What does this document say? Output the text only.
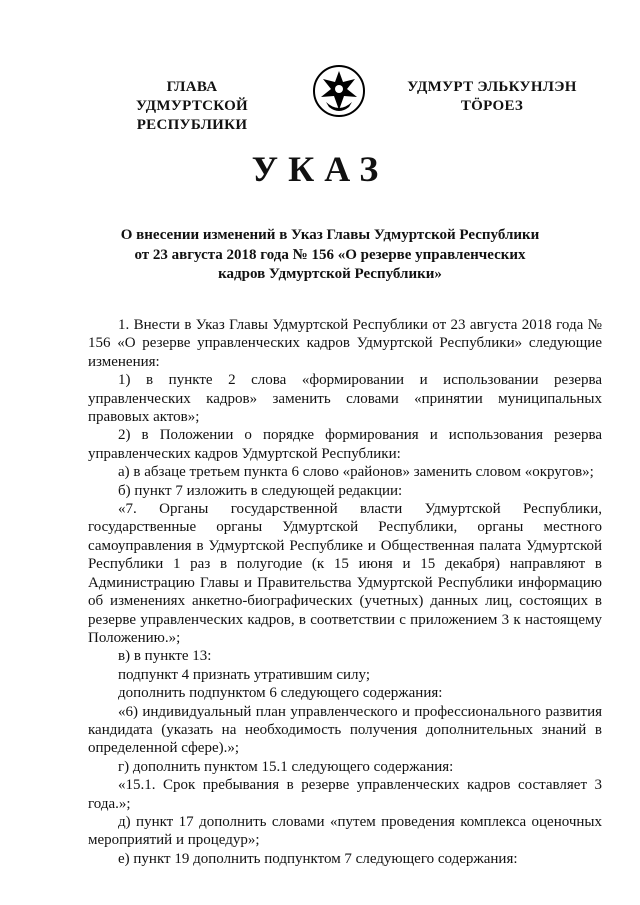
ГЛАВА
УДМУРТСКОЙ РЕСПУБЛИКИ
УДМУРТ ЭЛЬКУНЛЭН
ТӦРОЕЗ
УКАЗ
О внесении изменений в Указ Главы Удмуртской Республики
от 23 августа 2018 года № 156 «О резерве управленческих
кадров Удмуртской Республики»

1. Внести в Указ Главы Удмуртской Республики от 23 августа 2018 года № 156 «О резерве управленческих кадров Удмуртской Республики» следующие изменения:

1) в пункте 2 слова «формировании и использовании резерва управленческих кадров» заменить словами «принятии муниципальных правовых актов»;

2) в Положении о порядке формирования и использования резерва управленческих кадров Удмуртской Республики:

а) в абзаце третьем пункта 6 слово «районов» заменить словом «округов»;

б) пункт 7 изложить в следующей редакции:

«7. Органы государственной власти Удмуртской Республики, государственные органы Удмуртской Республики, органы местного самоуправления в Удмуртской Республике и Общественная палата Удмуртской Республики 1 раз в полугодие (к 15 июня и 15 декабря) направляют в Администрацию Главы и Правительства Удмуртской Республики информацию об изменениях анкетно-биографических (учетных) данных лиц, состоящих в резерве управленческих кадров, в соответствии с приложением 3 к настоящему Положению.»;

в) в пункте 13:

подпункт 4 признать утратившим силу;

дополнить подпунктом 6 следующего содержания:

«6) индивидуальный план управленческого и профессионального развития кандидата (указать на необходимость получения дополнительных знаний в определенной сфере).»;

г) дополнить пунктом 15.1 следующего содержания:

«15.1. Срок пребывания в резерве управленческих кадров составляет 3 года.»;

д) пункт 17 дополнить словами «путем проведения комплекса оценочных мероприятий и процедур»;

е) пункт 19 дополнить подпунктом 7 следующего содержания:
